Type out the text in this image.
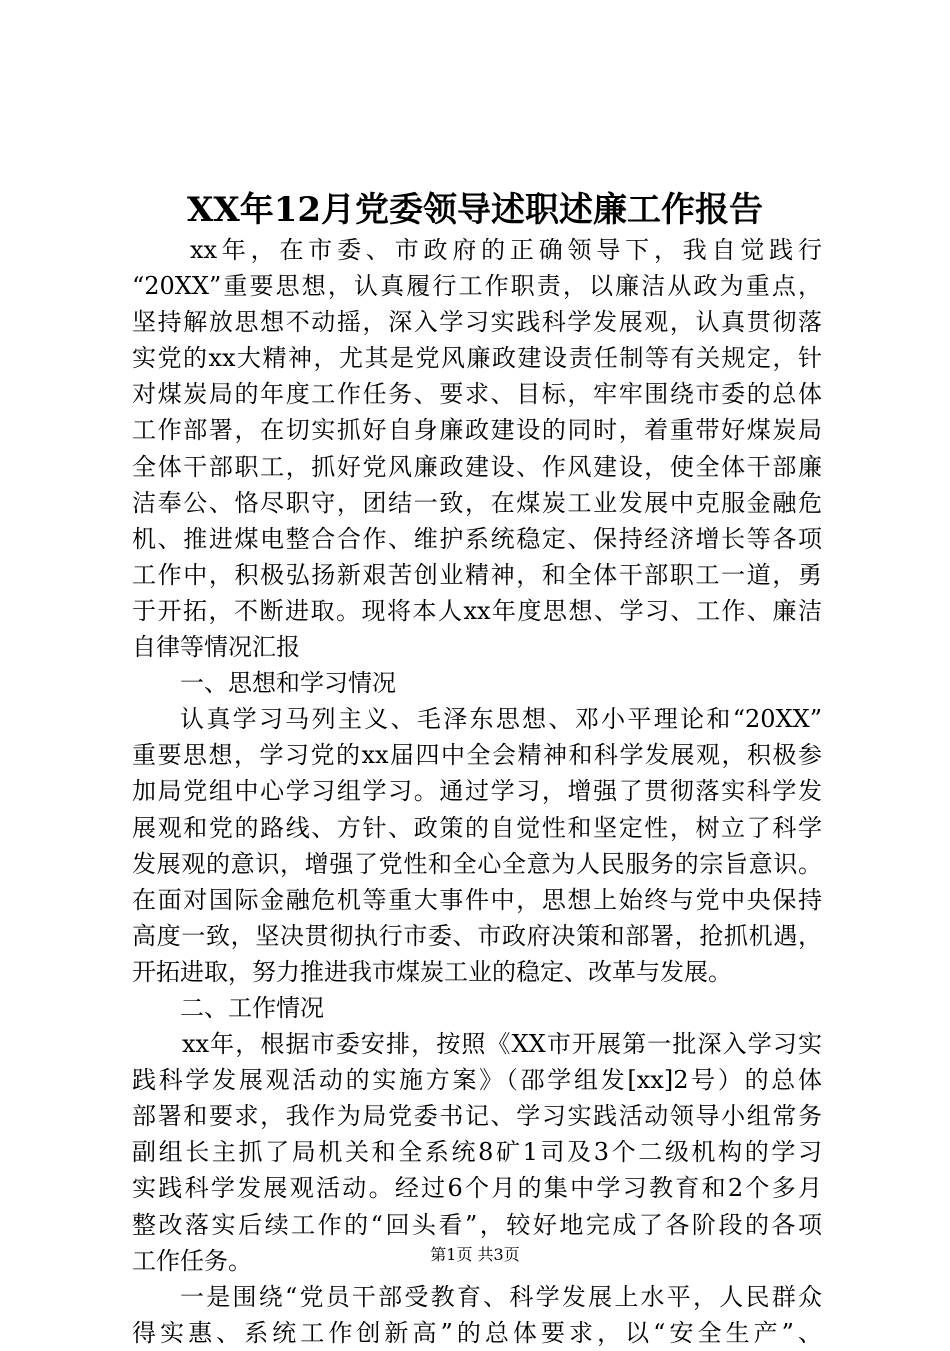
XX年12月党委领导述职述廉工作报告
xx年，在市委、市政府的正确领导下，我自觉践行
“20XX”重要思想，认真履行工作职责，以廉洁从政为重点，
坚持解放思想不动摇，深入学习实践科学发展观，认真贯彻落
实党的xx大精神，尤其是党风廉政建设责任制等有关规定，针
对煤炭局的年度工作任务、要求、目标，牢牢围绕市委的总体
工作部署，在切实抓好自身廉政建设的同时，着重带好煤炭局
全体干部职工，抓好党风廉政建设、作风建设，使全体干部廉
洁奉公、恪尽职守，团结一致，在煤炭工业发展中克服金融危
机、推进煤电整合合作、维护系统稳定、保持经济增长等各项
工作中，积极弘扬新艰苦创业精神，和全体干部职工一道，勇
于开拓，不断进取。现将本人xx年度思想、学习、工作、廉洁
自律等情况汇报
一、思想和学习情况
认真学习马列主义、毛泽东思想、邓小平理论和“20XX”
重要思想，学习党的xx届四中全会精神和科学发展观，积极参
加局党组中心学习组学习。通过学习，增强了贯彻落实科学发
展观和党的路线、方针、政策的自觉性和坚定性，树立了科学
发展观的意识，增强了党性和全心全意为人民服务的宗旨意识。
在面对国际金融危机等重大事件中，思想上始终与党中央保持
高度一致，坚决贯彻执行市委、市政府决策和部署，抢抓机遇，
开拓进取，努力推进我市煤炭工业的稳定、改革与发展。
二、工作情况
xx年，根据市委安排，按照《XX市开展第一批深入学习实
践科学发展观活动的实施方案》（邵学组发[xx]2号）的总体
部署和要求，我作为局党委书记、学习实践活动领导小组常务
副组长主抓了局机关和全系统8矿1司及3个二级机构的学习
实践科学发展观活动。经过6个月的集中学习教育和2个多月
整改落实后续工作的“回头看”，较好地完成了各阶段的各项
工作任务。
一是围绕“党员干部受教育、科学发展上水平，人民群众
得实惠、系统工作创新高”的总体要求，以“安全生产”、
第1页 共3页
